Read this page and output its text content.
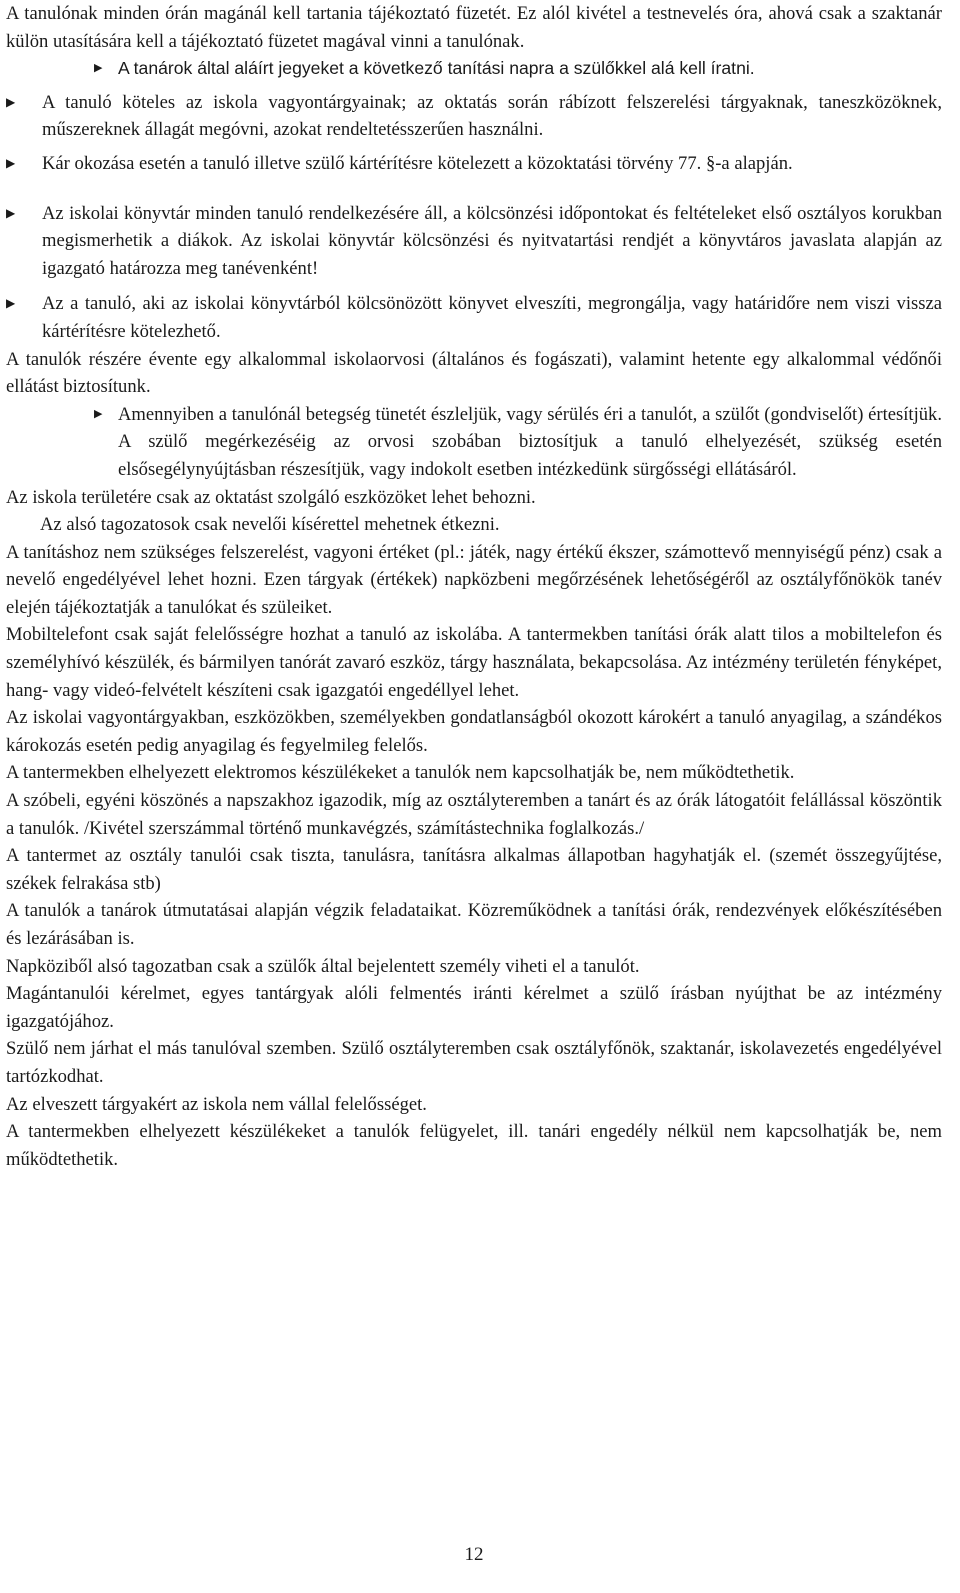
A tanulónak minden órán magánál kell tartania tájékoztató füzetét. Ez alól kivétel a testnevelés óra, ahová csak a szaktanár külön utasítására kell a tájékoztató füzetet magával vinni a tanulónak.

▶︎ A tanárok által aláírt jegyeket a következő tanítási napra a szülőkkel alá kell íratni.

▶︎ A tanuló köteles az iskola vagyontárgyainak; az oktatás során rábízott felszerelési tárgyaknak, taneszközöknek, műszereknek állagát megóvni, azokat rendeltetésszerűen használni.

▶︎ Kár okozása esetén a tanuló illetve szülő kártérítésre kötelezett a közoktatási törvény 77. §-a alapján.

▶︎ Az iskolai könyvtár minden tanuló rendelkezésére áll, a kölcsönzési időpontokat és feltételeket első osztályos korukban megismerhetik a diákok. Az iskolai könyvtár kölcsönzési és nyitvatartási rendjét a könyvtáros javaslata alapján az igazgató határozza meg tanévenként!

▶︎ Az a tanuló, aki az iskolai könyvtárból kölcsönözött könyvet elveszíti, megrongálja, vagy határidőre nem viszi vissza kártérítésre kötelezhető.

A tanulók részére évente egy alkalommal iskolaorvosi (általános és fogászati), valamint hetente egy alkalommal védőnői ellátást biztosítunk.

▶︎ Amennyiben a tanulónál betegség tünetét észleljük, vagy sérülés éri a tanulót, a szülőt (gondviselőt) értesítjük. A szülő megérkezéséig az orvosi szobában biztosítjuk a tanuló elhelyezését, szükség esetén elsősegélynyújtásban részesítjük, vagy indokolt esetben intézkedünk sürgősségi ellátásáról.

Az iskola területére csak az oktatást szolgáló eszközöket lehet behozni.

Az alsó tagozatosok csak nevelői kísérettel mehetnek étkezni.

A tanításhoz nem szükséges felszerelést, vagyoni értéket (pl.: játék, nagy értékű ékszer, számottevő mennyiségű pénz) csak a nevelő engedélyével lehet hozni. Ezen tárgyak (értékek) napközbeni megőrzésének lehetőségéről az osztályfőnökök tanév elején tájékoztatják a tanulókat és szüleiket.

Mobiltelefont csak saját felelősségre hozhat a tanuló az iskolába. A tantermekben tanítási órák alatt tilos a mobiltelefon és személyhívó készülék, és bármilyen tanórát zavaró eszköz, tárgy használata, bekapcsolása. Az intézmény területén fényképet, hang- vagy videó-felvételt készíteni csak igazgatói engedéllyel lehet.

Az iskolai vagyontárgyakban, eszközökben, személyekben gondatlanságból okozott károkért a tanuló anyagilag, a szándékos károkozás esetén pedig anyagilag és fegyelmileg felelős.

A tantermekben elhelyezett elektromos készülékeket a tanulók nem kapcsolhatják be, nem működtethetik.

A szóbeli, egyéni köszönés a napszakhoz igazodik, míg az osztályteremben a tanárt és az órák látogatóit felállással köszöntik a tanulók. /Kivétel szerszámmal történő munkavégzés, számítástechnika foglalkozás./

A tantermet az osztály tanulói csak tiszta, tanulásra, tanításra alkalmas állapotban hagyhatják el. (szemét összegyűjtése, székek felrakása stb)

A tanulók a tanárok útmutatásai alapján végzik feladataikat. Közreműködnek a tanítási órák, rendezvények előkészítésében és lezárásában is.

Napköziből alsó tagozatban csak a szülők által bejelentett személy viheti el a tanulót.

Magántanulói kérelmet, egyes tantárgyak alóli felmentés iránti kérelmet a szülő írásban nyújthat be az intézmény igazgatójához.

Szülő nem járhat el más tanulóval szemben. Szülő osztályteremben csak osztályfőnök, szaktanár, iskolavezetés engedélyével tartózkodhat.

Az elveszett tárgyakért az iskola nem vállal felelősséget.

A tantermekben elhelyezett készülékeket a tanulók felügyelet, ill. tanári engedély nélkül nem kapcsolhatják be, nem működtethetik.

12
